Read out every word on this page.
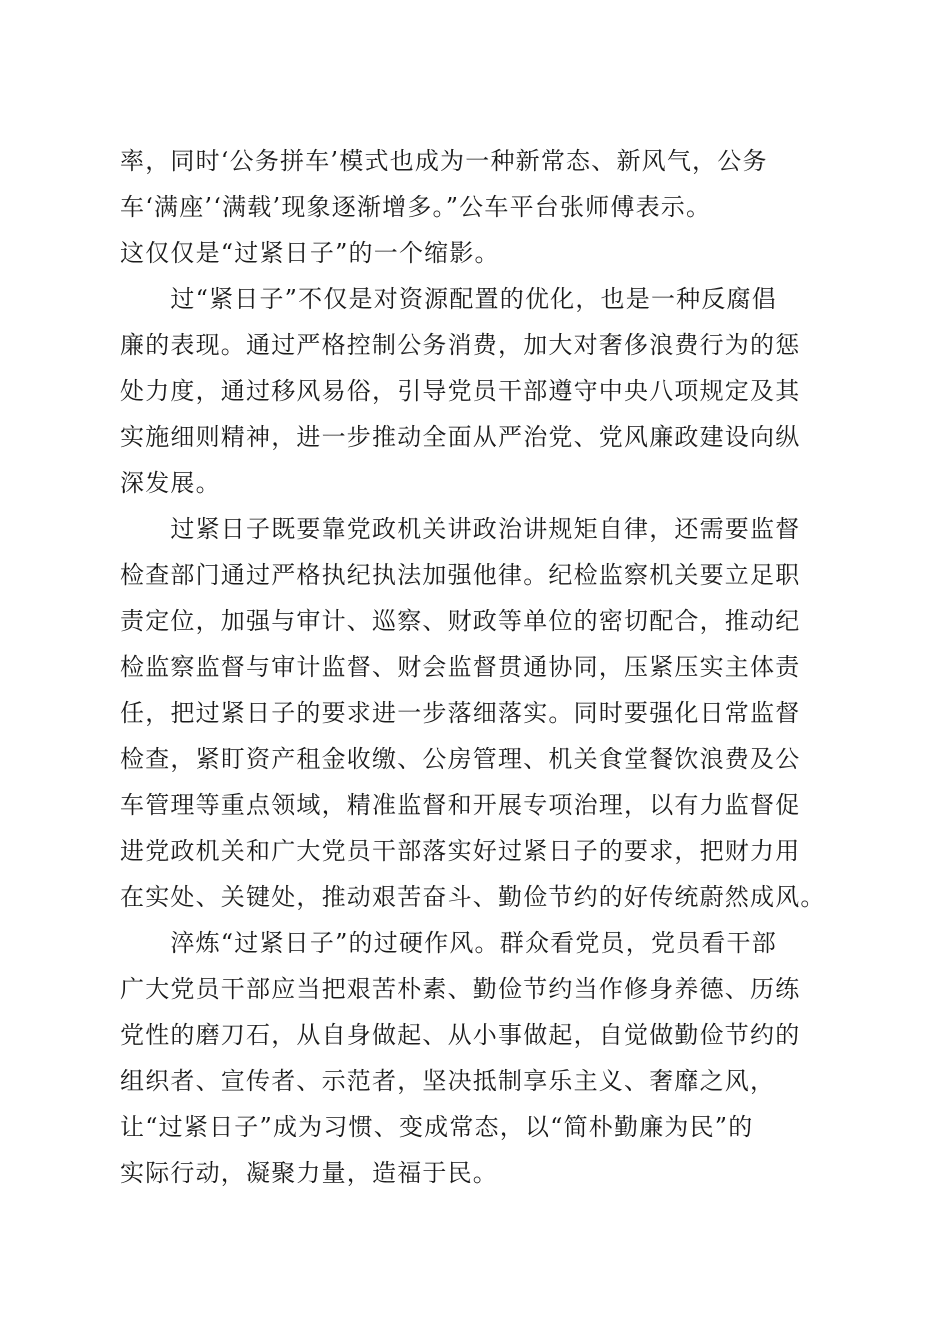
率，同时‘公务拼车’模式也成为一种新常态、新风气，公务
车‘满座’‘满载’现象逐渐增多。”公车平台张师傅表示。
这仅仅是“过紧日子”的一个缩影。
　　过“紧日子”不仅是对资源配置的优化，也是一种反腐倡
廉的表现。通过严格控制公务消费，加大对奢侈浪费行为的惩
处力度，通过移风易俗，引导党员干部遵守中央八项规定及其
实施细则精神，进一步推动全面从严治党、党风廉政建设向纵
深发展。
　　过紧日子既要靠党政机关讲政治讲规矩自律，还需要监督
检查部门通过严格执纪执法加强他律。纪检监察机关要立足职
责定位，加强与审计、巡察、财政等单位的密切配合，推动纪
检监察监督与审计监督、财会监督贯通协同，压紧压实主体责
任，把过紧日子的要求进一步落细落实。同时要强化日常监督
检查，紧盯资产租金收缴、公房管理、机关食堂餐饮浪费及公
车管理等重点领域，精准监督和开展专项治理，以有力监督促
进党政机关和广大党员干部落实好过紧日子的要求，把财力用
在实处、关键处，推动艰苦奋斗、勤俭节约的好传统蔚然成风。
　　淬炼“过紧日子”的过硬作风。群众看党员，党员看干部
广大党员干部应当把艰苦朴素、勤俭节约当作修身养德、历练
党性的磨刀石，从自身做起、从小事做起，自觉做勤俭节约的
组织者、宣传者、示范者，坚决抵制享乐主义、奢靡之风，
让“过紧日子”成为习惯、变成常态，以“简朴勤廉为民”的
实际行动，凝聚力量，造福于民。
